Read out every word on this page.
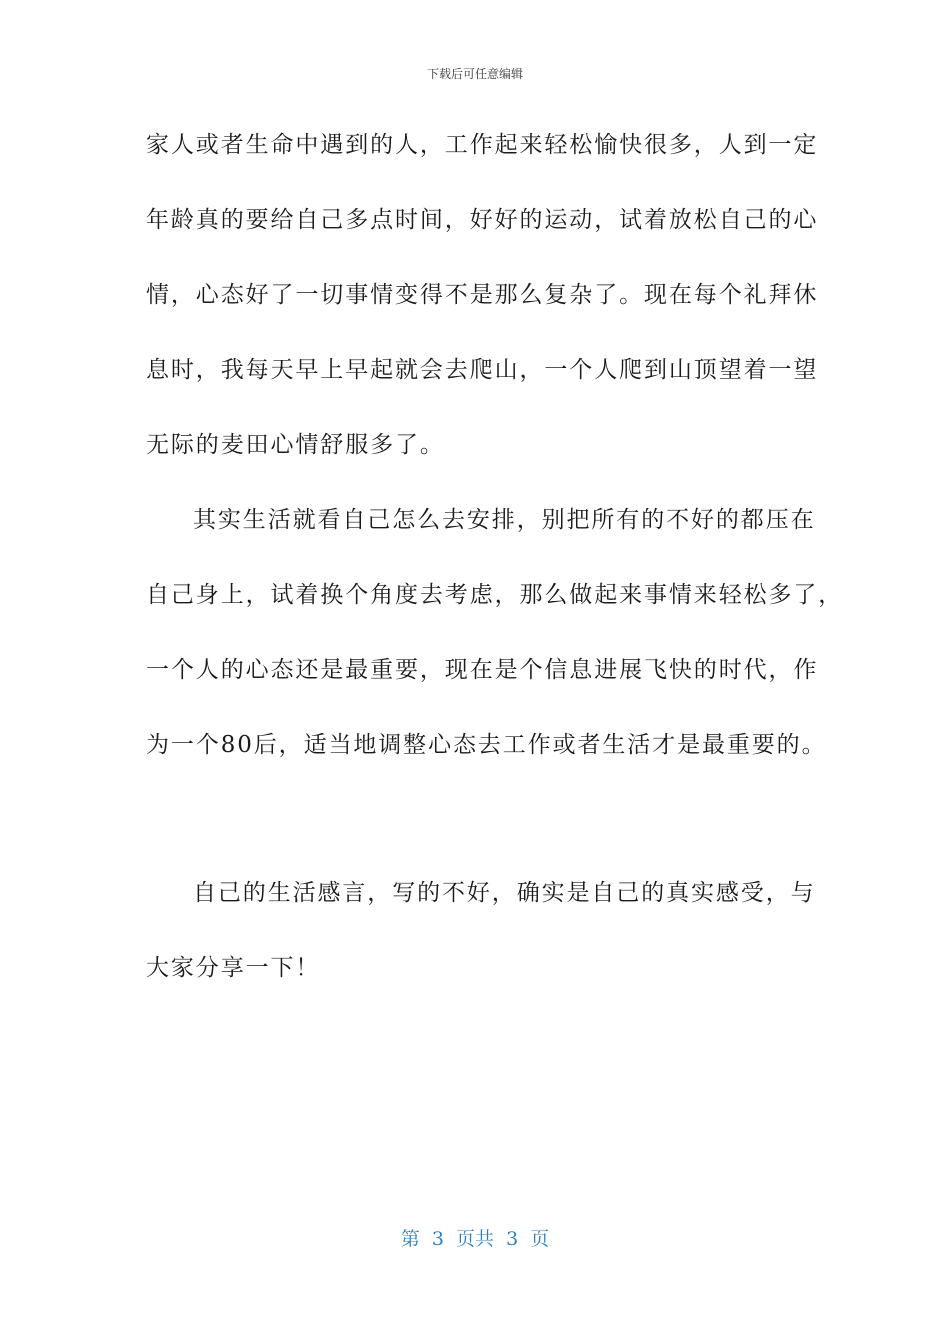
下载后可任意编辑
家人或者生命中遇到的人，工作起来轻松愉快很多，人到一定
年龄真的要给自己多点时间，好好的运动，试着放松自己的心
情，心态好了一切事情变得不是那么复杂了。现在每个礼拜休
息时，我每天早上早起就会去爬山，一个人爬到山顶望着一望
无际的麦田心情舒服多了。
其实生活就看自己怎么去安排，别把所有的不好的都压在
自己身上，试着换个角度去考虑，那么做起来事情来轻松多了，
一个人的心态还是最重要，现在是个信息进展飞快的时代，作
为一个80后，适当地调整心态去工作或者生活才是最重要的。
自己的生活感言，写的不好，确实是自己的真实感受，与
大家分享一下！
第  3  页共  3  页
